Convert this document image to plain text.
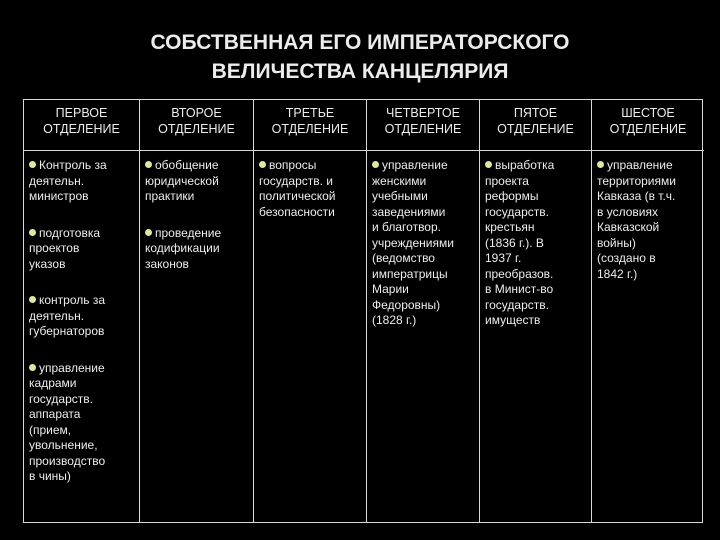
СОБСТВЕННАЯ ЕГО ИМПЕРАТОРСКОГО
ВЕЛИЧЕСТВА КАНЦЕЛЯРИЯ
ПЕРВОЕ
ОТДЕЛЕНИЕ
ВТОРОЕ
ОТДЕЛЕНИЕ
ТРЕТЬЕ
ОТДЕЛЕНИЕ
ЧЕТВЕРТОЕ
ОТДЕЛЕНИЕ
ПЯТОЕ
ОТДЕЛЕНИЕ
ШЕСТОЕ
ОТДЕЛЕНИЕ

Контроль за
деятельн.
министров

подготовка
проектов
указов

контроль за
деятельн.
губернаторов

управление
кадрами
государств.
аппарата
(прием,
увольнение,
производство
в чины)

обобщение
юридической
практики

проведение
кодификации
законов

вопросы
государств. и
политической
безопасности

управление
женскими
учебными
заведениями
и благотвор.
учреждениями
(ведомство
императрицы
Марии
Федоровны)
(1828 г.)

выработка
проекта
реформы
государств.
крестьян
(1836 г.). В
1937 г.
преобразов.
в Минист-во
государств.
имуществ

управление
территориями
Кавказа (в т.ч.
в условиях
Кавказской
войны)
(создано в
1842 г.)
